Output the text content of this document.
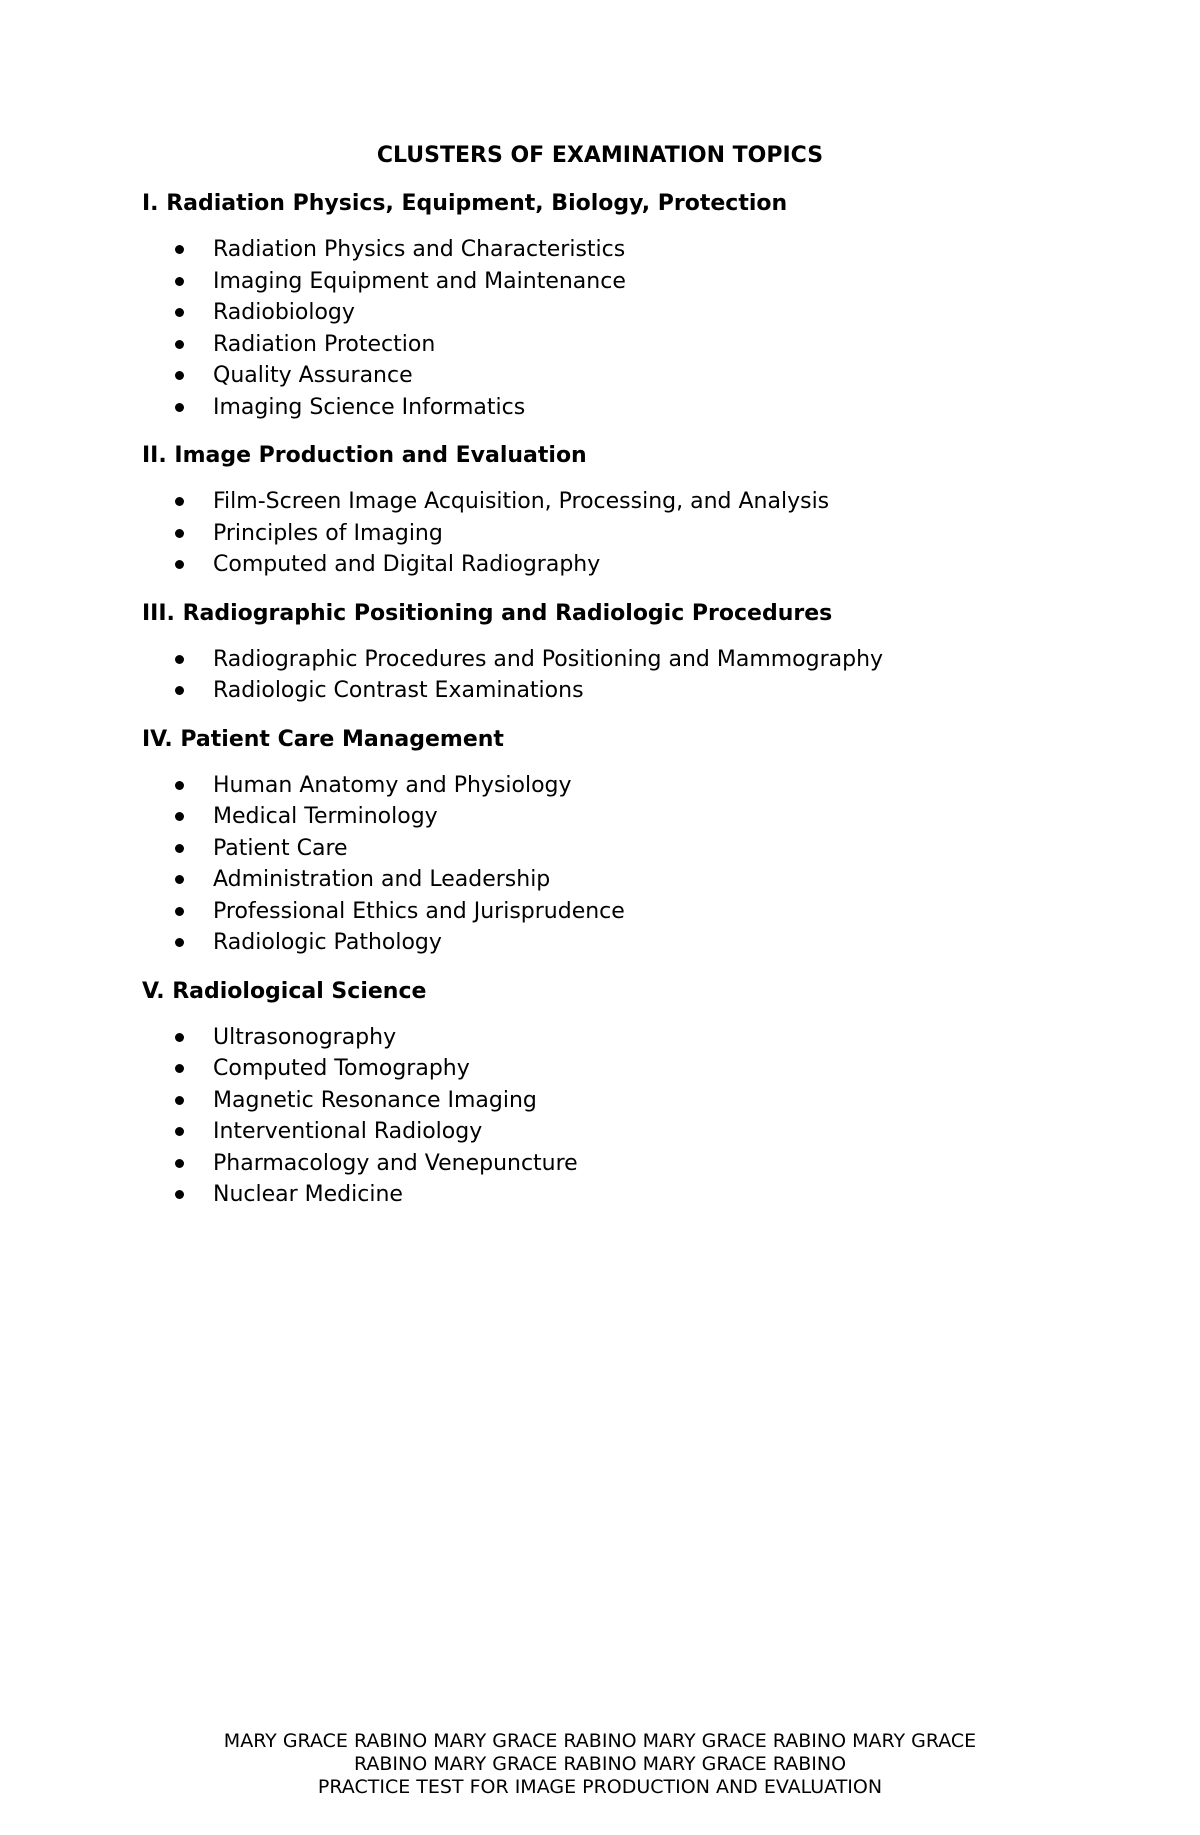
CLUSTERS OF EXAMINATION TOPICS
I. Radiation Physics, Equipment, Biology, Protection
Radiation Physics and Characteristics
Imaging Equipment and Maintenance
Radiobiology
Radiation Protection
Quality Assurance
Imaging Science Informatics
II. Image Production and Evaluation
Film-Screen Image Acquisition, Processing, and Analysis
Principles of Imaging
Computed and Digital Radiography
III. Radiographic Positioning and Radiologic Procedures
Radiographic Procedures and Positioning and Mammography
Radiologic Contrast Examinations
IV. Patient Care Management
Human Anatomy and Physiology
Medical Terminology
Patient Care
Administration and Leadership
Professional Ethics and Jurisprudence
Radiologic Pathology
V. Radiological Science
Ultrasonography
Computed Tomography
Magnetic Resonance Imaging
Interventional Radiology
Pharmacology and Venepuncture
Nuclear Medicine
MARY GRACE RABINO MARY GRACE RABINO MARY GRACE RABINO MARY GRACE
RABINO MARY GRACE RABINO MARY GRACE RABINO
PRACTICE TEST FOR IMAGE PRODUCTION AND EVALUATION
